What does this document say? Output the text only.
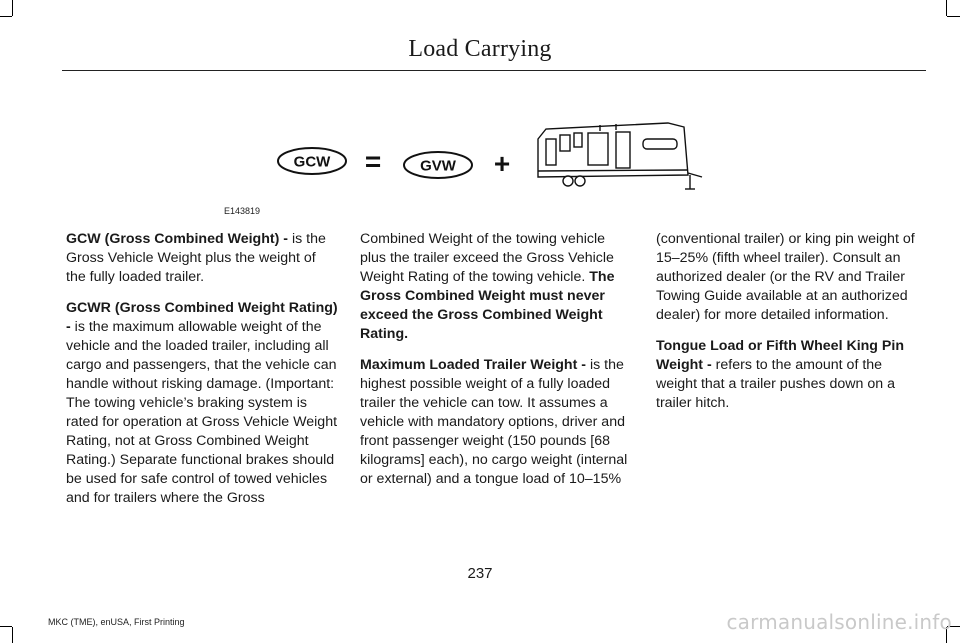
Load Carrying
GCW =	GVW +
E143819

GCW (Gross Combined Weight) - is the Gross Vehicle Weight plus the weight of the fully loaded trailer.

GCWR (Gross Combined Weight Rating) - is the maximum allowable weight of the vehicle and the loaded trailer, including all cargo and passengers, that the vehicle can handle without risking damage. (Important: The towing vehicle’s braking system is rated for operation at Gross Vehicle Weight Rating, not at Gross Combined Weight Rating.) Separate functional brakes should be used for safe control of towed vehicles and for trailers where the Gross

Combined Weight of the towing vehicle plus the trailer exceed the Gross Vehicle Weight Rating of the towing vehicle. The Gross Combined Weight must never exceed the Gross Combined Weight Rating.

Maximum Loaded Trailer Weight - is the highest possible weight of a fully loaded trailer the vehicle can tow. It assumes a vehicle with mandatory options, driver and front passenger weight (150 pounds [68 kilograms] each), no cargo weight (internal or external) and a tongue load of 10–15%

(conventional trailer) or king pin weight of 15–25% (fifth wheel trailer). Consult an authorized dealer (or the RV and Trailer Towing Guide available at an authorized dealer) for more detailed information.

Tongue Load or Fifth Wheel King Pin Weight - refers to the amount of the weight that a trailer pushes down on a trailer hitch.

237
MKC (TME), enUSA, First Printing	carmanualsonline.info
